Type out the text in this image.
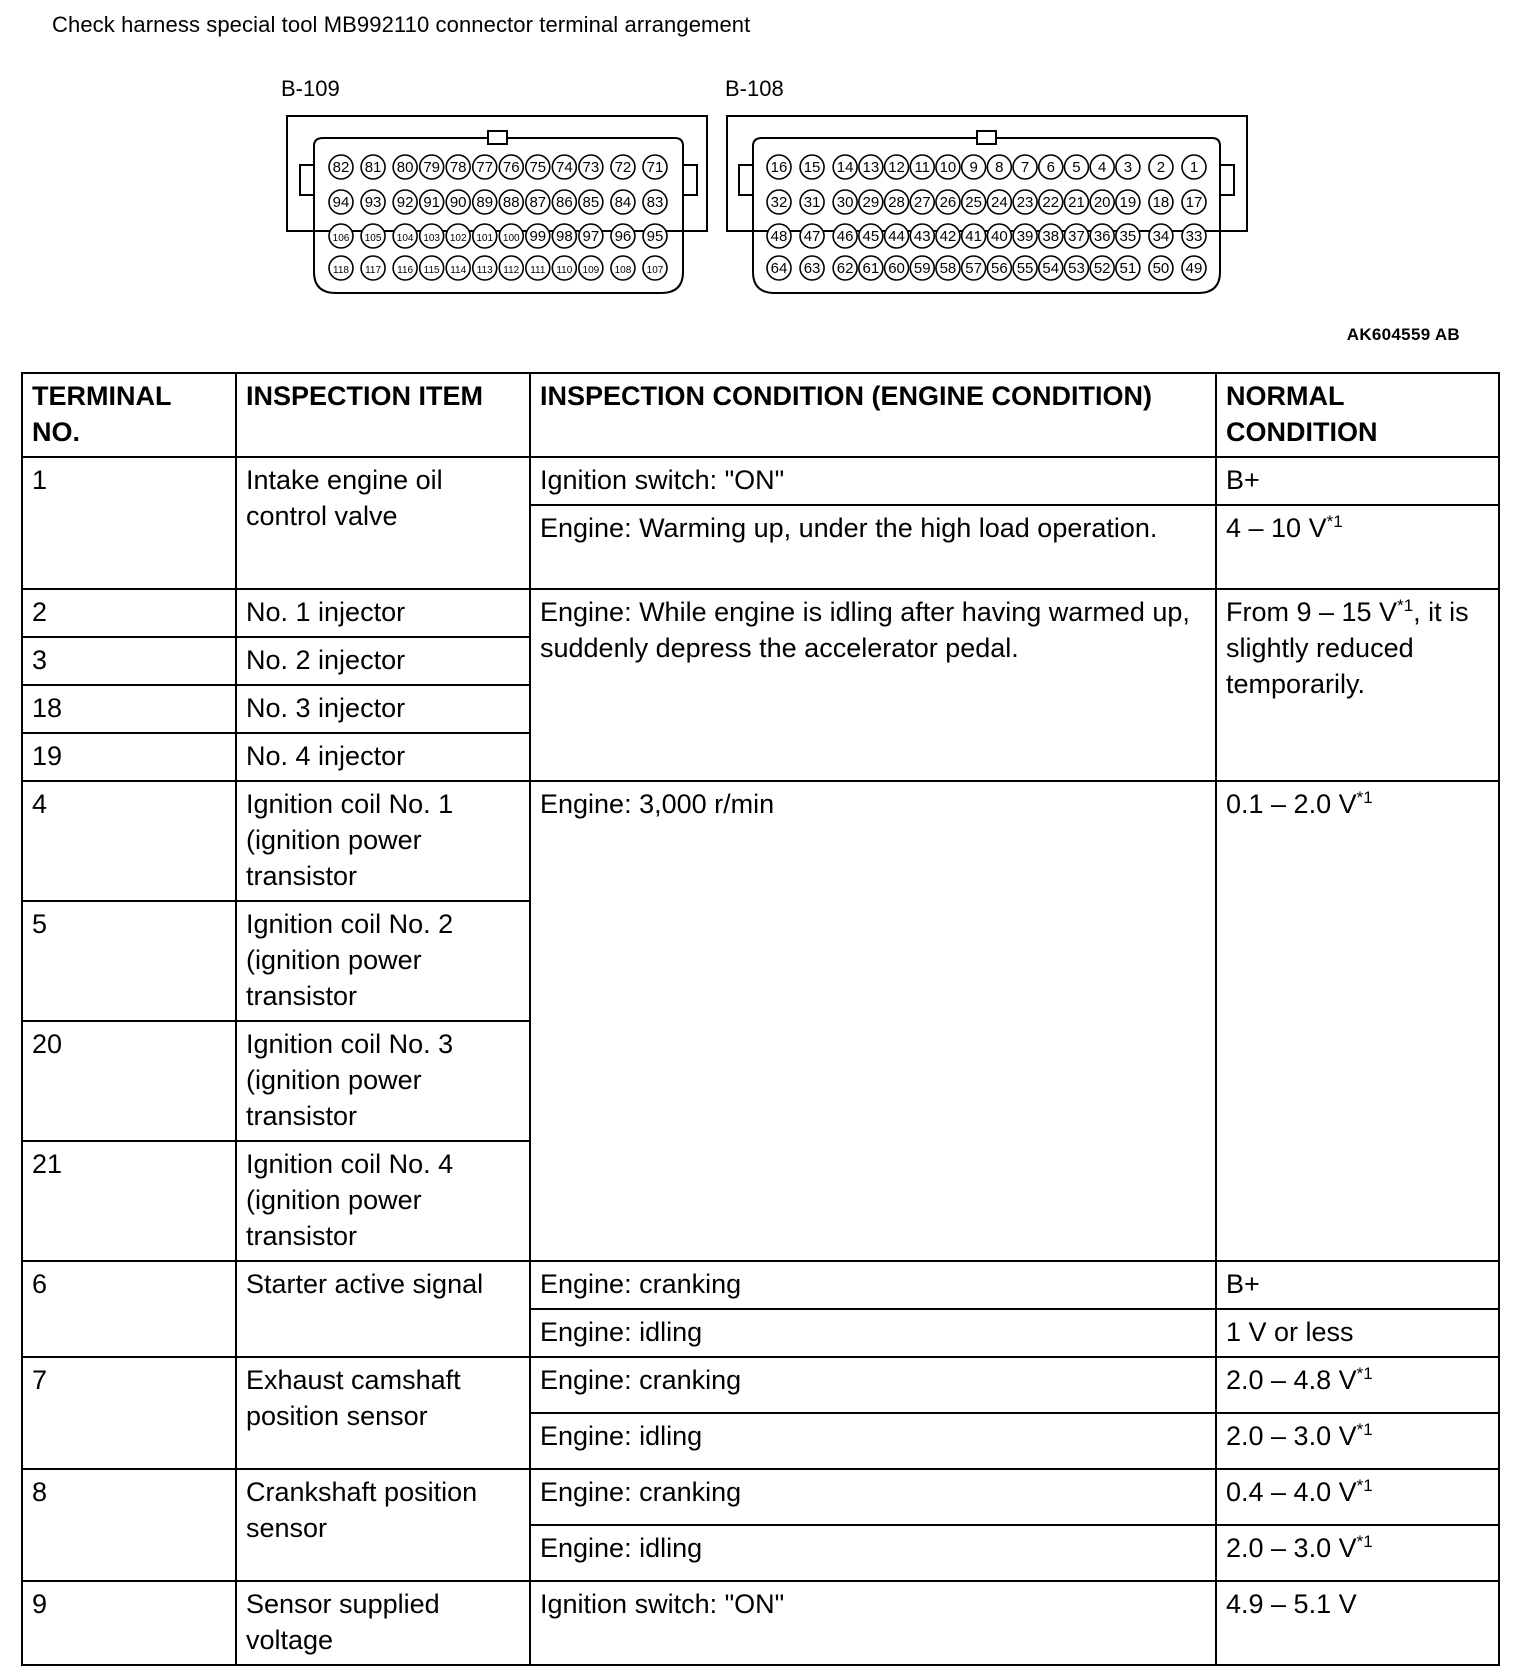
Check harness special tool MB992110 connector terminal arrangement
B-109	B-108
82 81 80 79 78 77 76 75 74 73 72 71
94 93 92 91 90 89 88 87 86 85 84 83
106 105 104 103 102 101 100 99 98 97 96 95
118 117 116 115 114 113 112 111 110 109 108 107
16 15 14 13 12 11 10 9 8 7 6 5 4 3 2 1
32 31 30 29 28 27 26 25 24 23 22 21 20 19 18 17
48 47 46 45 44 43 42 41 40 39 38 37 36 35 34 33
64 63 62 61 60 59 58 57 56 55 54 53 52 51 50 49
AK604559 AB
TERMINAL NO.	INSPECTION ITEM	INSPECTION CONDITION (ENGINE CONDITION)	NORMAL CONDITION
1	Intake engine oil control valve	Ignition switch: "ON"	B+
		Engine: Warming up, under the high load operation.	4 – 10 $V^{*1}$
2	No. 1 injector	Engine: While engine is idling after having warmed up, suddenly depress the accelerator pedal.	From 9 – 15 $V^{*1}$, it is slightly reduced temporarily.
3	No. 2 injector		
18	No. 3 injector		
19	No. 4 injector		
4	Ignition coil No. 1 (ignition power transistor	Engine: 3,000 r/min	0.1 – 2.0 $V^{*1}$
5	Ignition coil No. 2 (ignition power transistor		
20	Ignition coil No. 3 (ignition power transistor		
21	Ignition coil No. 4 (ignition power transistor		
6	Starter active signal	Engine: cranking	B+
		Engine: idling	1 V or less
7	Exhaust camshaft position sensor	Engine: cranking	2.0 – 4.8 $V^{*1}$
		Engine: idling	2.0 – 3.0 $V^{*1}$
8	Crankshaft position sensor	Engine: cranking	0.4 – 4.0 $V^{*1}$
		Engine: idling	2.0 – 3.0 $V^{*1}$
9	Sensor supplied voltage	Ignition switch: "ON"	4.9 – 5.1 V
